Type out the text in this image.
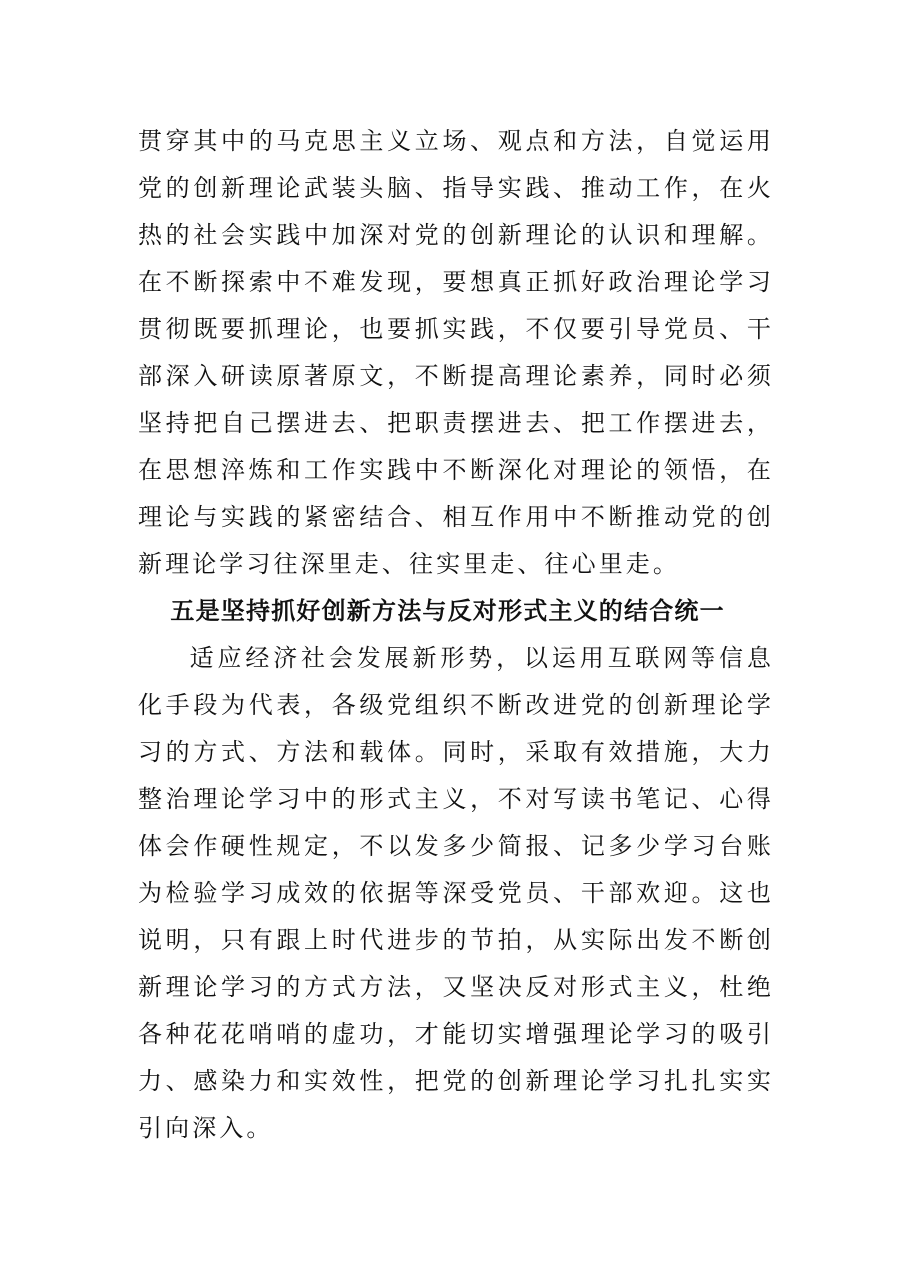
贯穿其中的马克思主义立场、观点和方法，自觉运用党的创新理论武装头脑、指导实践、推动工作，在火热的社会实践中加深对党的创新理论的认识和理解。在不断探索中不难发现，要想真正抓好政治理论学习贯彻既要抓理论，也要抓实践，不仅要引导党员、干部深入研读原著原文，不断提高理论素养，同时必须坚持把自己摆进去、把职责摆进去、把工作摆进去，在思想淬炼和工作实践中不断深化对理论的领悟，在理论与实践的紧密结合、相互作用中不断推动党的创新理论学习往深里走、往实里走、往心里走。

五是坚持抓好创新方法与反对形式主义的结合统一

适应经济社会发展新形势，以运用互联网等信息化手段为代表，各级党组织不断改进党的创新理论学习的方式、方法和载体。同时，采取有效措施，大力整治理论学习中的形式主义，不对写读书笔记、心得体会作硬性规定，不以发多少简报、记多少学习台账为检验学习成效的依据等深受党员、干部欢迎。这也说明，只有跟上时代进步的节拍，从实际出发不断创新理论学习的方式方法，又坚决反对形式主义，杜绝各种花花哨哨的虚功，才能切实增强理论学习的吸引力、感染力和实效性，把党的创新理论学习扎扎实实引向深入。
